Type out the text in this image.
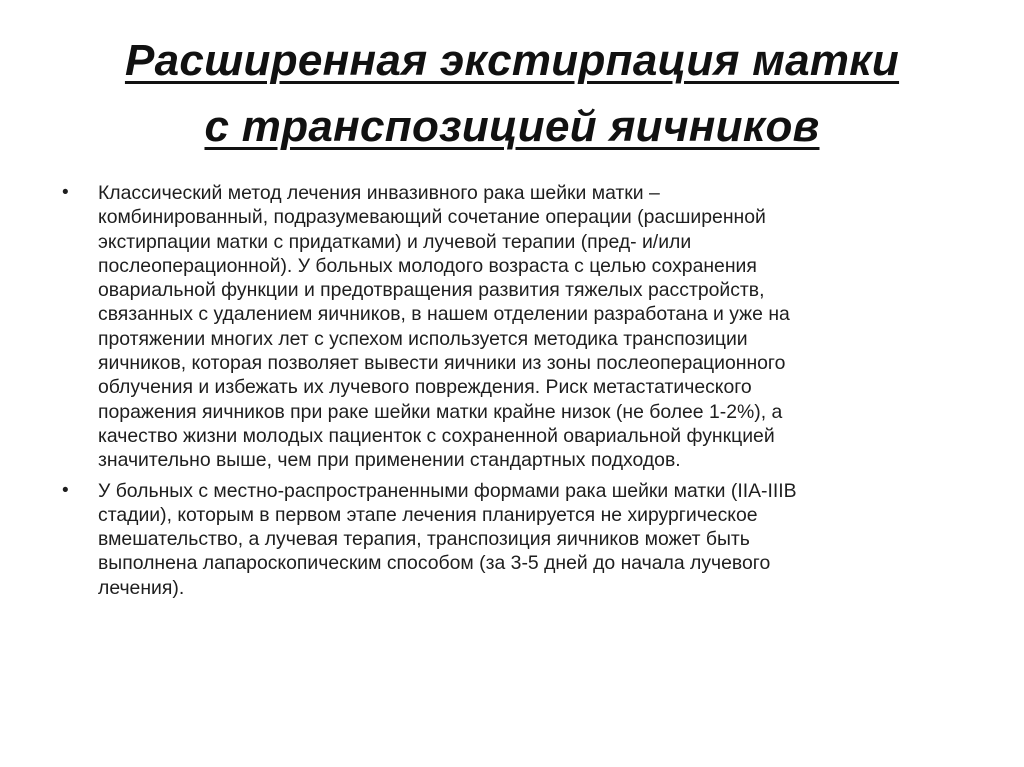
Расширенная экстирпация матки
с транспозицией яичников
• Классический метод лечения инвазивного рака шейки матки –
комбинированный, подразумевающий сочетание операции (расширенной
экстирпации матки с придатками) и лучевой терапии (пред- и/или
послеоперационной). У больных молодого возраста с целью сохранения
овариальной функции и предотвращения развития тяжелых расстройств,
связанных с удалением яичников, в нашем отделении разработана и уже на
протяжении многих лет с успехом используется методика транспозиции
яичников, которая позволяет вывести яичники из зоны послеоперационного
облучения и избежать их лучевого повреждения. Риск метастатического
поражения яичников при раке шейки матки крайне низок (не более 1-2%), а
качество жизни молодых пациенток с сохраненной овариальной функцией
значительно выше, чем при применении стандартных подходов.

• У больных с местно-распространенными формами рака шейки матки (IIA-IIIB
стадии), которым в первом этапе лечения планируется не хирургическое
вмешательство, а лучевая терапия, транспозиция яичников может быть
выполнена лапароскопическим способом (за 3-5 дней до начала лучевого
лечения).
